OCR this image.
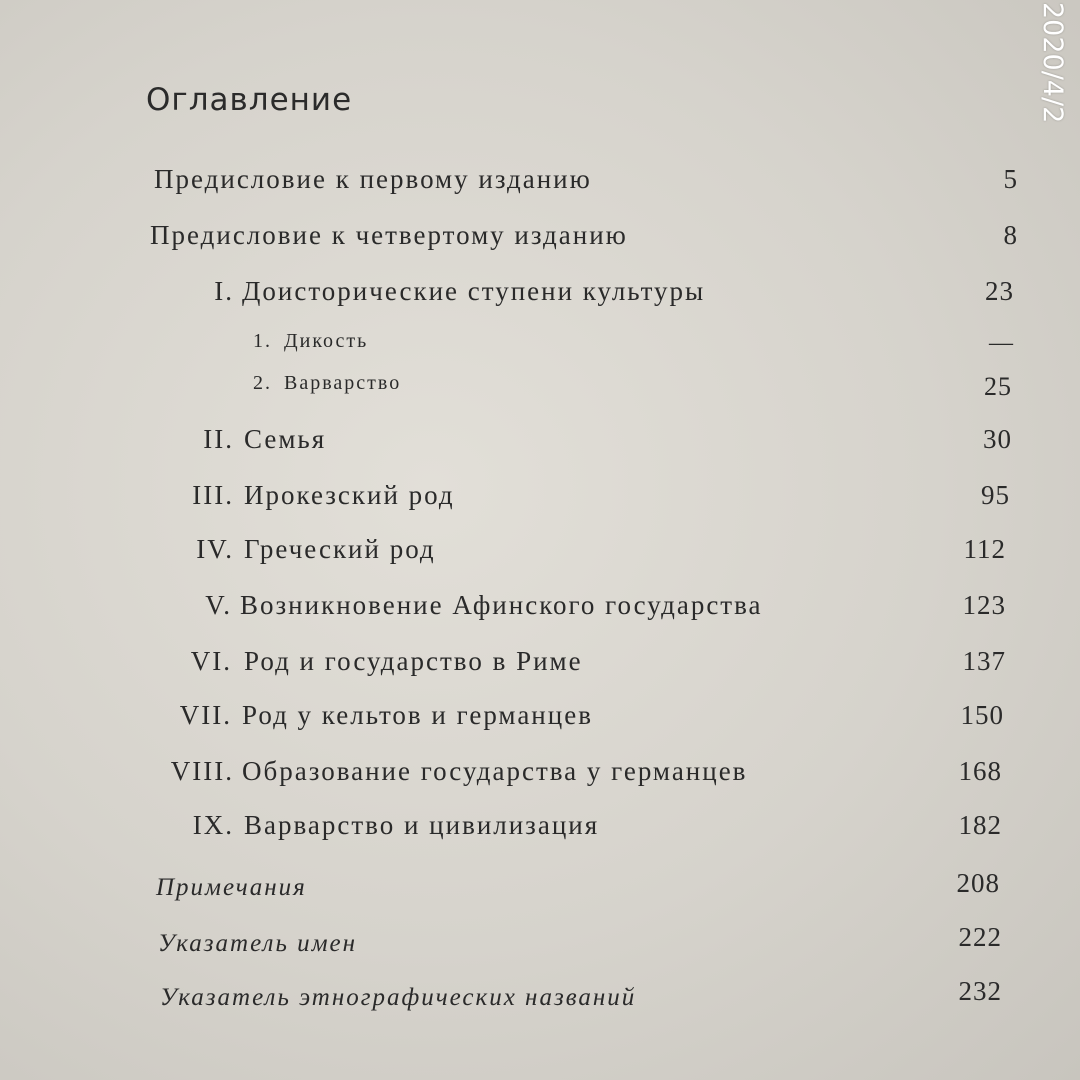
Оглавление	2020/4/2
Предисловие к первому изданию	5
Предисловие к четвертому изданию	8
I. Доисторические ступени культуры	23
1. Дикость	—
2. Варварство	25
II. Семья	30
III. Ирокезский род	95
IV. Греческий род	112
V. Возникновение Афинского государства	123
VI. Род и государство в Риме	137
VII. Род у кельтов и германцев	150
VIII. Образование государства у германцев	168
IX. Варварство и цивилизация	182
Примечания	208
Указатель имен	222
Указатель этнографических названий	232
